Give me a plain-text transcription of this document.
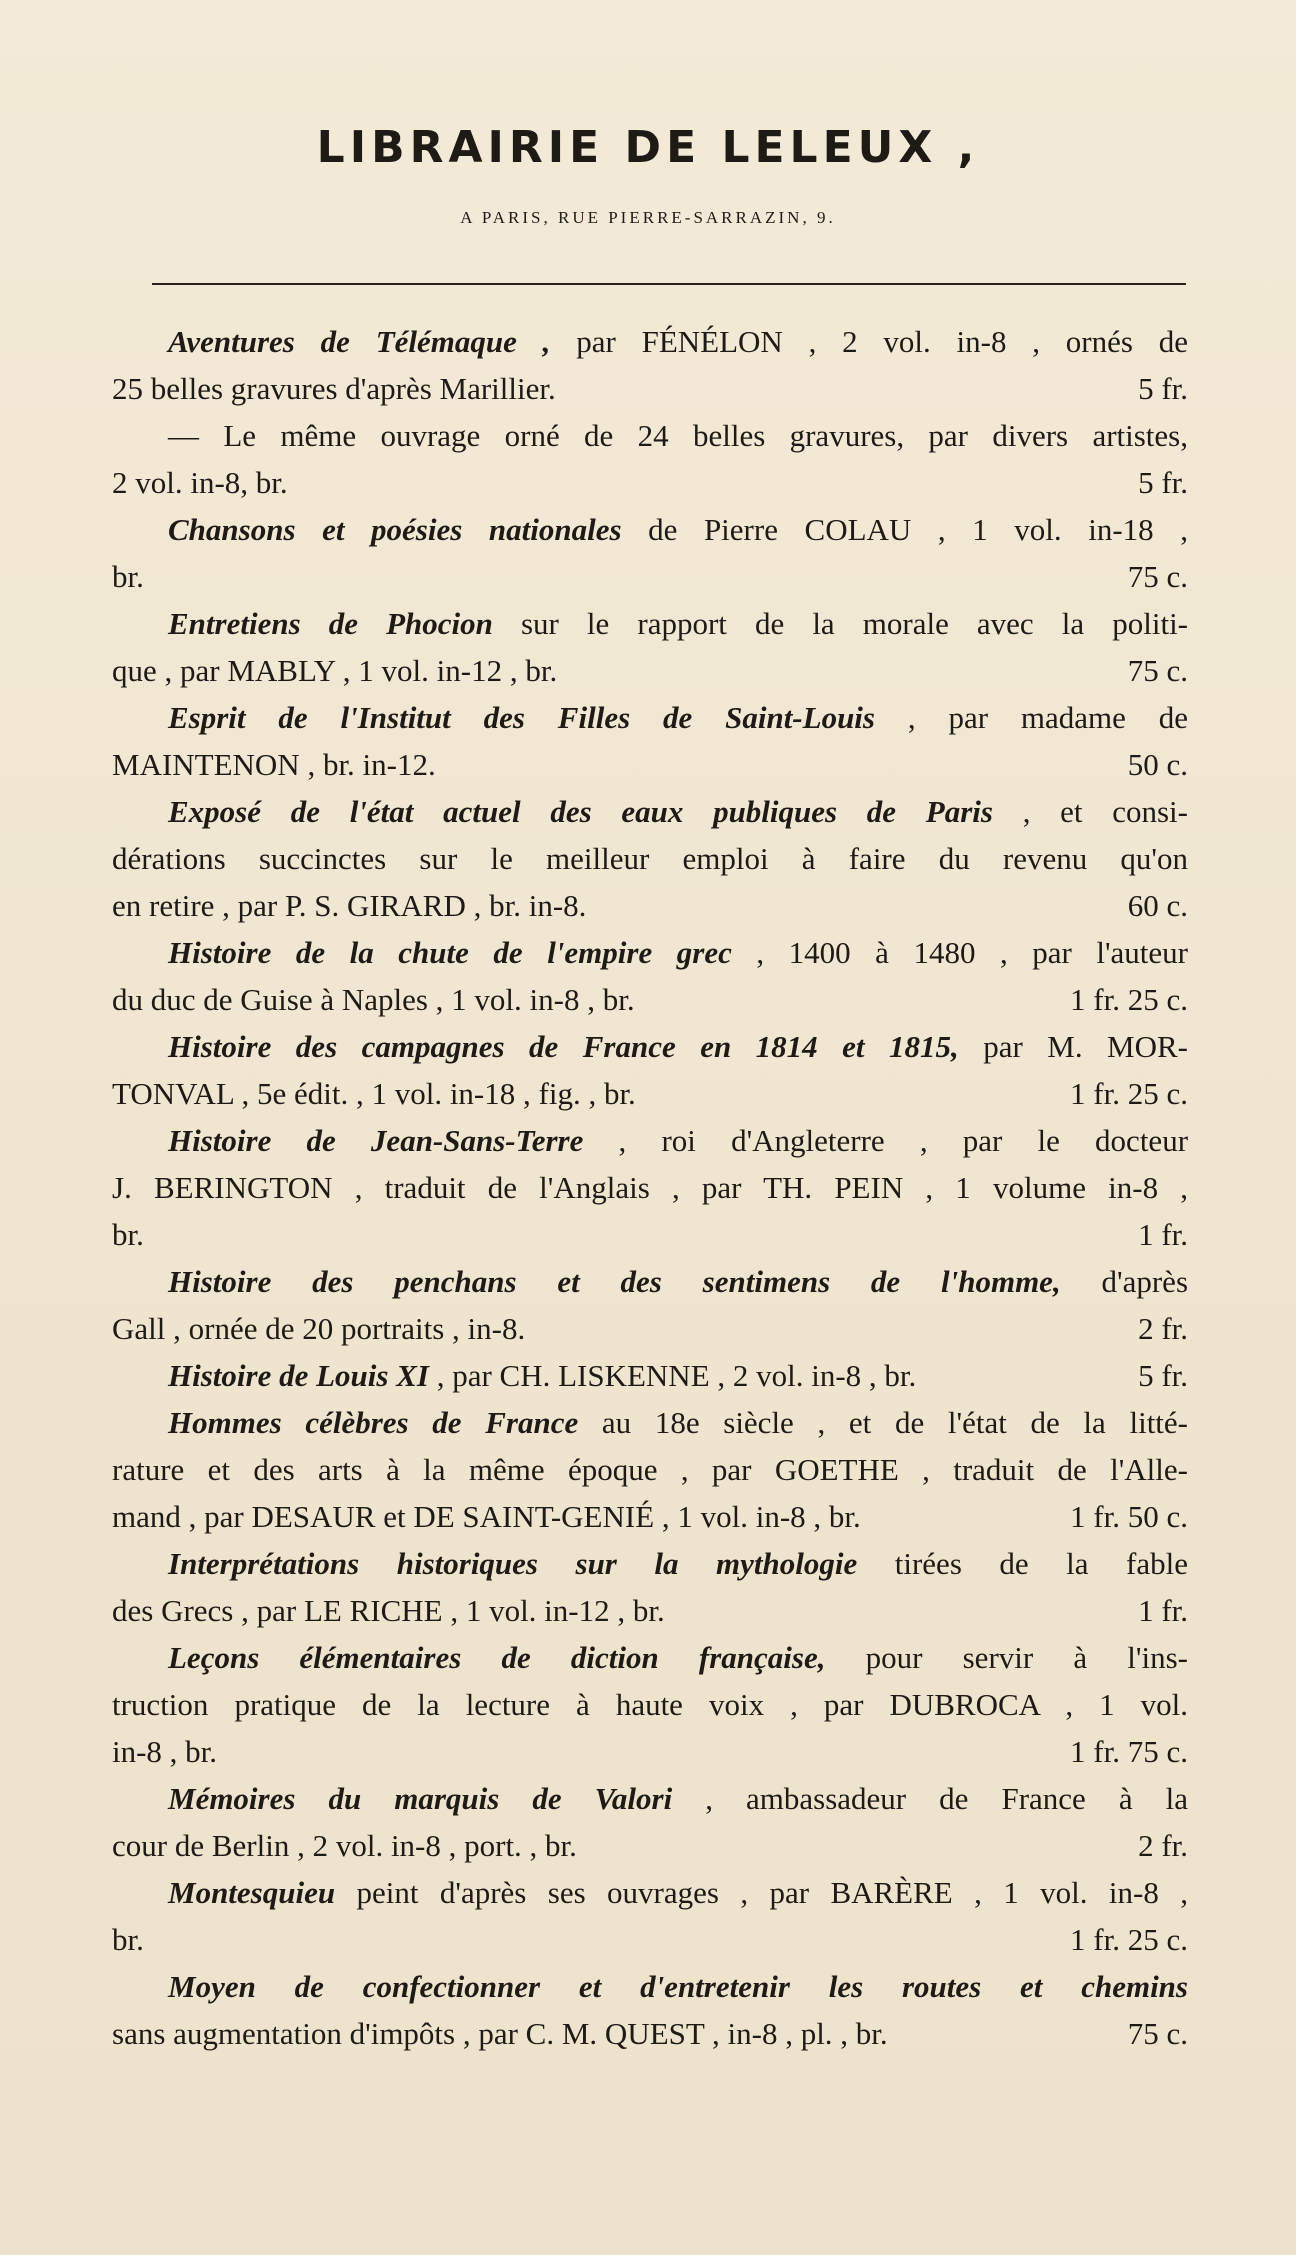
LIBRAIRIE DE LELEUX ,
A PARIS, RUE PIERRE-SARRAZIN, 9.
Aventures de Télémaque , par FÉNÉLON , 2 vol. in-8 , ornés de
25 belles gravures d'après Marillier.	5 fr.
— Le même ouvrage orné de 24 belles gravures, par divers artistes,
2 vol. in-8, br.	5 fr.
Chansons et poésies nationales de Pierre COLAU , 1 vol. in-18 ,
br.	75 c.
Entretiens de Phocion sur le rapport de la morale avec la politi-
que , par MABLY , 1 vol. in-12 , br.	75 c.
Esprit de l'Institut des Filles de Saint-Louis , par madame de
MAINTENON , br. in-12.	50 c.
Exposé de l'état actuel des eaux publiques de Paris , et consi-
dérations succinctes sur le meilleur emploi à faire du revenu qu'on
en retire , par P. S. GIRARD , br. in-8.	60 c.
Histoire de la chute de l'empire grec , 1400 à 1480 , par l'auteur
du duc de Guise à Naples , 1 vol. in-8 , br.	1 fr. 25 c.
Histoire des campagnes de France en 1814 et 1815, par M. MOR-
TONVAL , 5e édit. , 1 vol. in-18 , fig. , br.	1 fr. 25 c.
Histoire de Jean-Sans-Terre , roi d'Angleterre , par le docteur
J. BERINGTON , traduit de l'Anglais , par TH. PEIN , 1 volume in-8 ,
br.	1 fr.
Histoire des penchans et des sentimens de l'homme, d'après
Gall , ornée de 20 portraits , in-8.	2 fr.
Histoire de Louis XI , par CH. LISKENNE , 2 vol. in-8 , br.	5 fr.
Hommes célèbres de France au 18e siècle , et de l'état de la litté-
rature et des arts à la même époque , par GOETHE , traduit de l'Alle-
mand , par DESAUR et DE SAINT-GENIÉ , 1 vol. in-8 , br.	1 fr. 50 c.
Interprétations historiques sur la mythologie tirées de la fable
des Grecs , par LE RICHE , 1 vol. in-12 , br.	1 fr.
Leçons élémentaires de diction française, pour servir à l'ins-
truction pratique de la lecture à haute voix , par DUBROCA , 1 vol.
in-8 , br.	1 fr. 75 c.
Mémoires du marquis de Valori , ambassadeur de France à la
cour de Berlin , 2 vol. in-8 , port. , br.	2 fr.
Montesquieu peint d'après ses ouvrages , par BARÈRE , 1 vol. in-8 ,
br.	1 fr. 25 c.
Moyen de confectionner et d'entretenir les routes et chemins
sans augmentation d'impôts , par C. M. QUEST , in-8 , pl. , br.	75 c.
